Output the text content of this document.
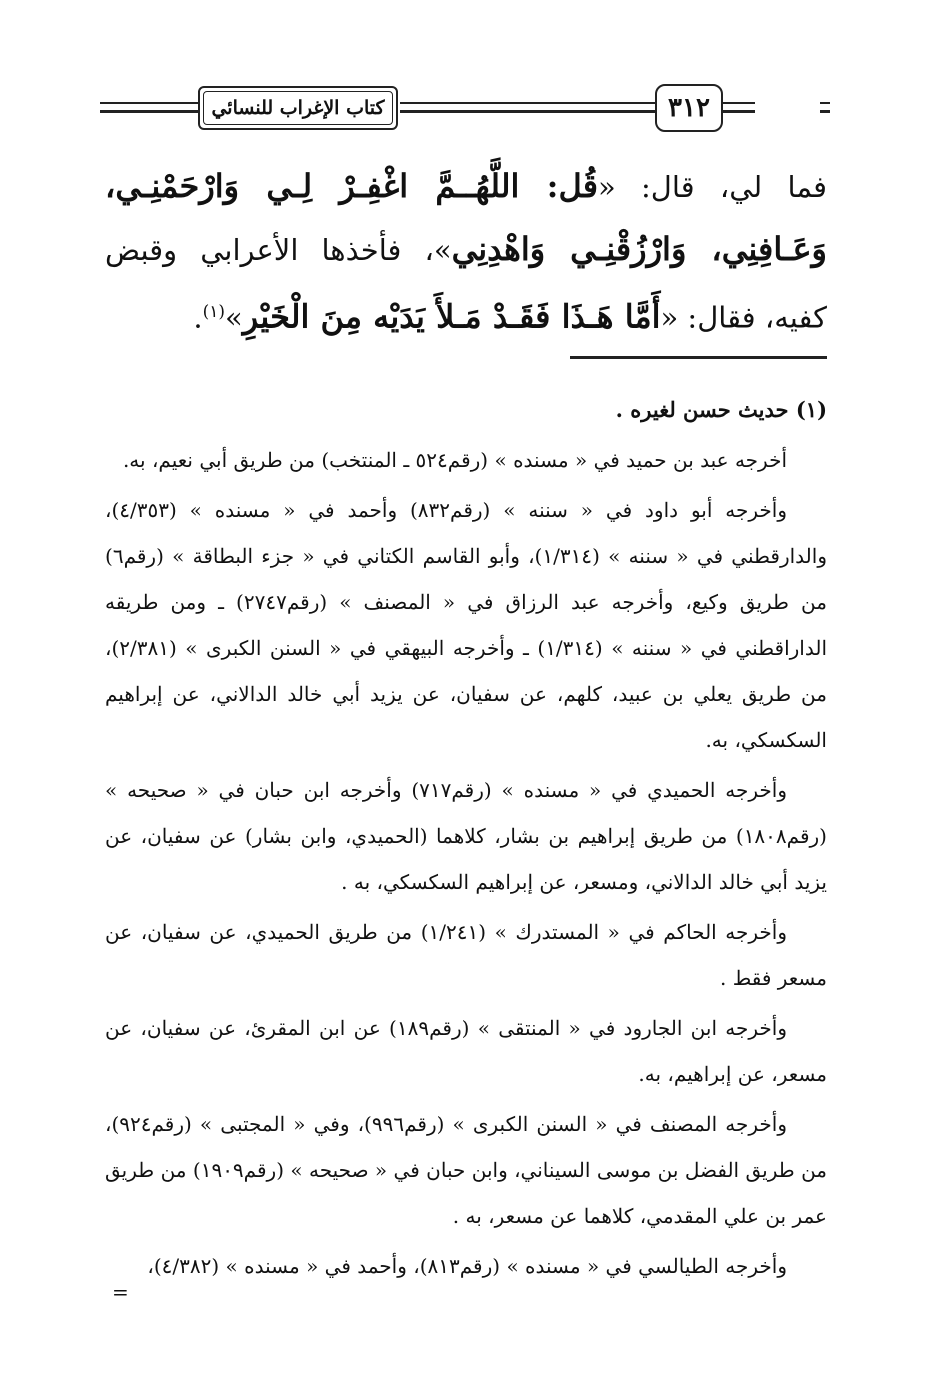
كتاب الإغراب للنسائي	٣١٢
فما لي، قال: «قُل: اللَّهُــمَّ اغْفِـرْ لِـي وَارْحَمْنِـي، وَعَـافِنِي، وَارْزُقْنِـي وَاهْدِنِي»، فأخذها الأعرابي وقبض كفيه، فقال: «أَمَّا هَـذَا فَقَـدْ مَـلأَ يَدَيْه مِنَ الْخَيْرِ»$^{(١)}$.

(١) حديث حسن لغيره .

أخرجه عبد بن حميد في « مسنده » (رقم٥٢٤ ـ المنتخب) من طريق أبي نعيم، به.

وأخرجه أبو داود في « سننه » (رقم٨٣٢) وأحمد في « مسنده » (٤/٣٥٣)، والدارقطني في « سننه » (١/٣١٤)، وأبو القاسم الكتاني في « جزء البطاقة » (رقم٦) من طريق وكيع، وأخرجه عبد الرزاق في « المصنف » (رقم٢٧٤٧) ـ ومن طريقه الداراقطني في « سننه » (١/٣١٤) ـ وأخرجه البيهقي في « السنن الكبرى » (٢/٣٨١)، من طريق يعلي بن عبيد، كلهم، عن سفيان، عن يزيد أبي خالد الدالاني، عن إبراهيم السكسكي، به.

وأخرجه الحميدي في « مسنده » (رقم٧١٧) وأخرجه ابن حبان في « صحيحه » (رقم١٨٠٨) من طريق إبراهيم بن بشار، كلاهما (الحميدي، وابن بشار) عن سفيان، عن يزيد أبي خالد الدالاني، ومسعر، عن إبراهيم السكسكي، به .

وأخرجه الحاكم في « المستدرك » (١/٢٤١) من طريق الحميدي، عن سفيان، عن مسعر فقط .

وأخرجه ابن الجارود في « المنتقى » (رقم١٨٩) عن ابن المقرئ، عن سفيان، عن مسعر، عن إبراهيم، به.

وأخرجه المصنف في « السنن الكبرى » (رقم٩٩٦)، وفي « المجتبى » (رقم٩٢٤)، من طريق الفضل بن موسى السيناني، وابن حبان في « صحيحه » (رقم١٩٠٩) من طريق عمر بن علي المقدمي، كلاهما عن مسعر، به .

وأخرجه الطيالسي في « مسنده » (رقم٨١٣)، وأحمد في « مسنده » (٤/٣٨٢)،

=
